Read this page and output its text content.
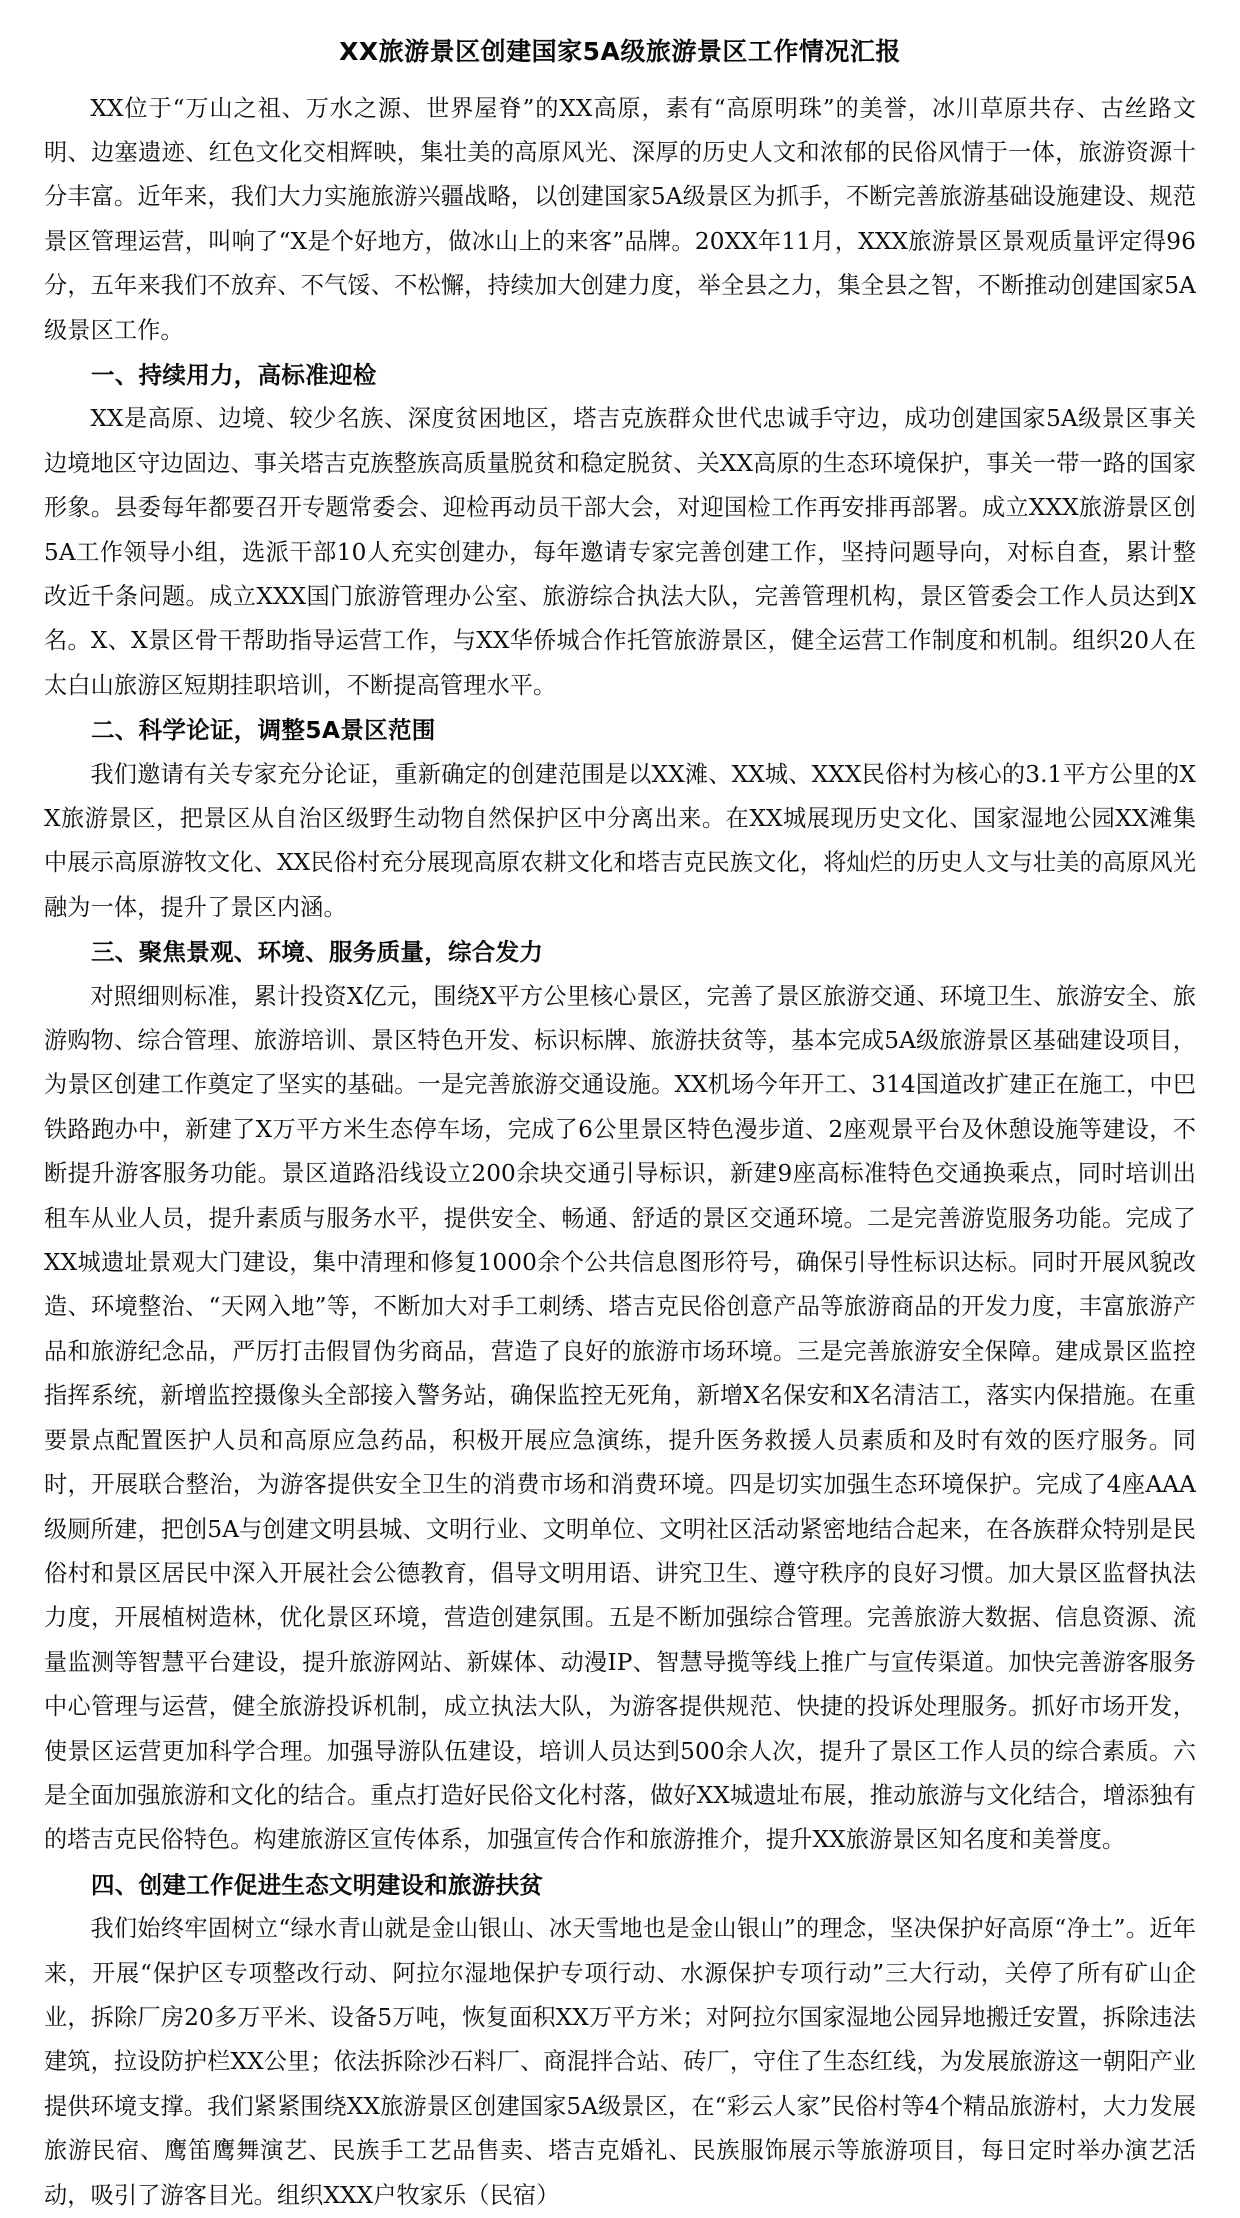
XX旅游景区创建国家5A级旅游景区工作情况汇报

XX位于“万山之祖、万水之源、世界屋脊”的XX高原，素有“高原明珠”的美誉，冰川草原共存、古丝路文明、边塞遗迹、红色文化交相辉映，集壮美的高原风光、深厚的历史人文和浓郁的民俗风情于一体，旅游资源十分丰富。近年来，我们大力实施旅游兴疆战略，以创建国家5A级景区为抓手，不断完善旅游基础设施建设、规范景区管理运营，叫响了“X是个好地方，做冰山上的来客”品牌。20XX年11月，XXX旅游景区景观质量评定得96分，五年来我们不放弃、不气馁、不松懈，持续加大创建力度，举全县之力，集全县之智，不断推动创建国家5A级景区工作。

一、持续用力，高标准迎检

XX是高原、边境、较少名族、深度贫困地区，塔吉克族群众世代忠诚手守边，成功创建国家5A级景区事关边境地区守边固边、事关塔吉克族整族高质量脱贫和稳定脱贫、关XX高原的生态环境保护，事关一带一路的国家形象。县委每年都要召开专题常委会、迎检再动员干部大会，对迎国检工作再安排再部署。成立XXX旅游景区创5A工作领导小组，选派干部10人充实创建办，每年邀请专家完善创建工作，坚持问题导向，对标自查，累计整改近千条问题。成立XXX国门旅游管理办公室、旅游综合执法大队，完善管理机构，景区管委会工作人员达到X名。X、X景区骨干帮助指导运营工作，与XX华侨城合作托管旅游景区，健全运营工作制度和机制。组织20人在太白山旅游区短期挂职培训，不断提高管理水平。

二、科学论证，调整5A景区范围

我们邀请有关专家充分论证，重新确定的创建范围是以XX滩、XX城、XXX民俗村为核心的3.1平方公里的XX旅游景区，把景区从自治区级野生动物自然保护区中分离出来。在XX城展现历史文化、国家湿地公园XX滩集中展示高原游牧文化、XX民俗村充分展现高原农耕文化和塔吉克民族文化，将灿烂的历史人文与壮美的高原风光融为一体，提升了景区内涵。

三、聚焦景观、环境、服务质量，综合发力

对照细则标准，累计投资X亿元，围绕X平方公里核心景区，完善了景区旅游交通、环境卫生、旅游安全、旅游购物、综合管理、旅游培训、景区特色开发、标识标牌、旅游扶贫等，基本完成5A级旅游景区基础建设项目，为景区创建工作奠定了坚实的基础。一是完善旅游交通设施。XX机场今年开工、314国道改扩建正在施工，中巴铁路跑办中，新建了X万平方米生态停车场，完成了6公里景区特色漫步道、2座观景平台及休憩设施等建设，不断提升游客服务功能。景区道路沿线设立200余块交通引导标识，新建9座高标准特色交通换乘点，同时培训出租车从业人员，提升素质与服务水平，提供安全、畅通、舒适的景区交通环境。二是完善游览服务功能。完成了XX城遗址景观大门建设，集中清理和修复1000余个公共信息图形符号，确保引导性标识达标。同时开展风貌改造、环境整治、“天网入地”等，不断加大对手工刺绣、塔吉克民俗创意产品等旅游商品的开发力度，丰富旅游产品和旅游纪念品，严厉打击假冒伪劣商品，营造了良好的旅游市场环境。三是完善旅游安全保障。建成景区监控指挥系统，新增监控摄像头全部接入警务站，确保监控无死角，新增X名保安和X名清洁工，落实内保措施。在重要景点配置医护人员和高原应急药品，积极开展应急演练，提升医务救援人员素质和及时有效的医疗服务。同时，开展联合整治，为游客提供安全卫生的消费市场和消费环境。四是切实加强生态环境保护。完成了4座AAA级厕所建，把创5A与创建文明县城、文明行业、文明单位、文明社区活动紧密地结合起来，在各族群众特别是民俗村和景区居民中深入开展社会公德教育，倡导文明用语、讲究卫生、遵守秩序的良好习惯。加大景区监督执法力度，开展植树造林，优化景区环境，营造创建氛围。五是不断加强综合管理。完善旅游大数据、信息资源、流量监测等智慧平台建设，提升旅游网站、新媒体、动漫IP、智慧导揽等线上推广与宣传渠道。加快完善游客服务中心管理与运营，健全旅游投诉机制，成立执法大队，为游客提供规范、快捷的投诉处理服务。抓好市场开发，使景区运营更加科学合理。加强导游队伍建设，培训人员达到500余人次，提升了景区工作人员的综合素质。六是全面加强旅游和文化的结合。重点打造好民俗文化村落，做好XX城遗址布展，推动旅游与文化结合，增添独有的塔吉克民俗特色。构建旅游区宣传体系，加强宣传合作和旅游推介，提升XX旅游景区知名度和美誉度。

四、创建工作促进生态文明建设和旅游扶贫

我们始终牢固树立“绿水青山就是金山银山、冰天雪地也是金山银山”的理念，坚决保护好高原“净土”。近年来，开展“保护区专项整改行动、阿拉尔湿地保护专项行动、水源保护专项行动”三大行动，关停了所有矿山企业，拆除厂房20多万平米、设备5万吨，恢复面积XX万平方米；对阿拉尔国家湿地公园异地搬迁安置，拆除违法建筑，拉设防护栏XX公里；依法拆除沙石料厂、商混拌合站、砖厂，守住了生态红线，为发展旅游这一朝阳产业提供环境支撑。我们紧紧围绕XX旅游景区创建国家5A级景区，在“彩云人家”民俗村等4个精品旅游村，大力发展旅游民宿、鹰笛鹰舞演艺、民族手工艺品售卖、塔吉克婚礼、民族服饰展示等旅游项目，每日定时举办演艺活动，吸引了游客目光。组织XXX户牧家乐（民宿）
